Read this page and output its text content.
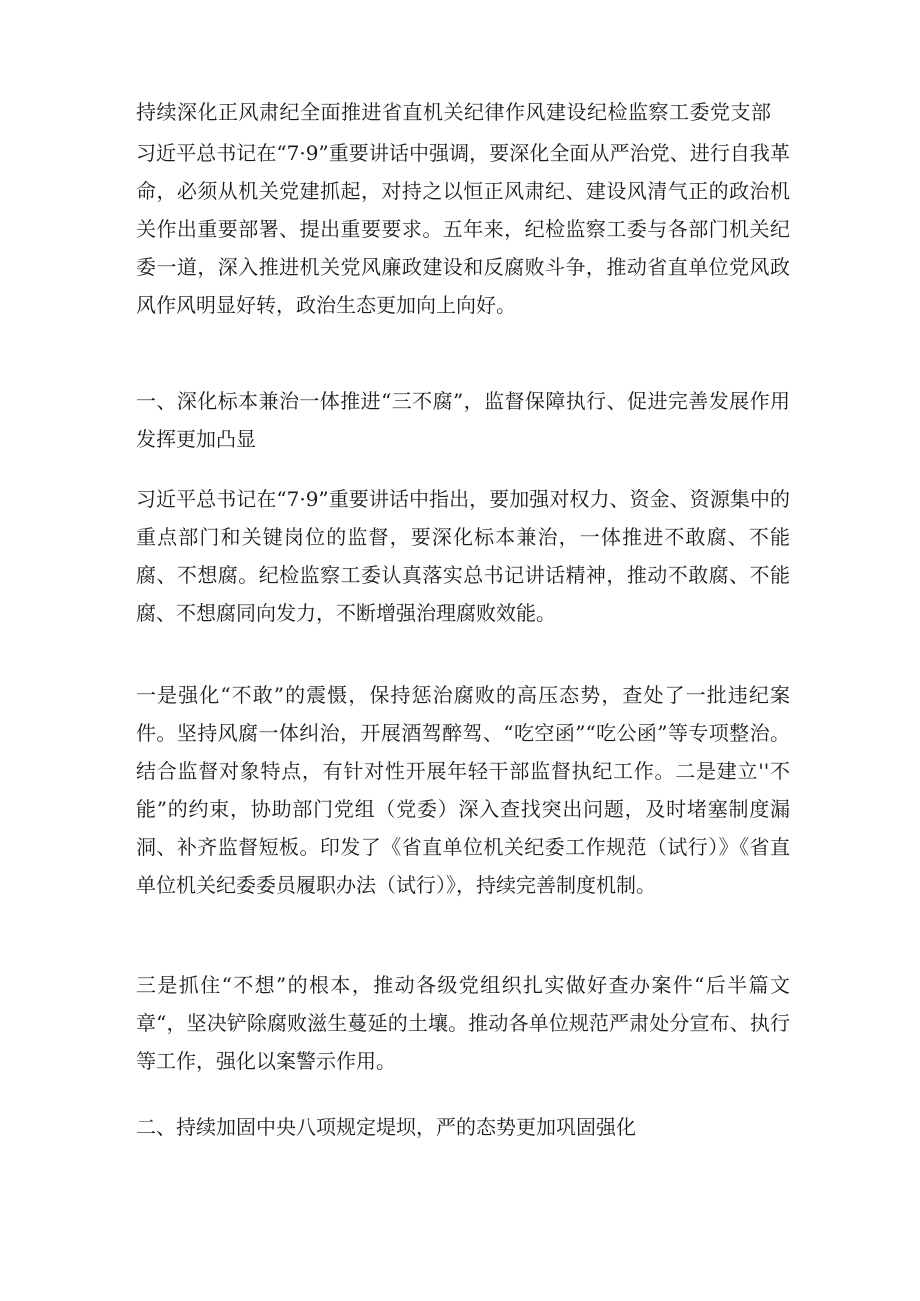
持续深化正风肃纪全面推进省直机关纪律作风建设纪检监察工委党支部

习近平总书记在“7·9”重要讲话中强调，要深化全面从严治党、进行自我革命，必须从机关党建抓起，对持之以恒正风肃纪、建设风清气正的政治机关作出重要部署、提出重要要求。五年来，纪检监察工委与各部门机关纪委一道，深入推进机关党风廉政建设和反腐败斗争，推动省直单位党风政风作风明显好转，政治生态更加向上向好。

一、深化标本兼治一体推进“三不腐”，监督保障执行、促进完善发展作用发挥更加凸显

习近平总书记在“7·9”重要讲话中指出，要加强对权力、资金、资源集中的重点部门和关键岗位的监督，要深化标本兼治，一体推进不敢腐、不能腐、不想腐。纪检监察工委认真落实总书记讲话精神，推动不敢腐、不能腐、不想腐同向发力，不断增强治理腐败效能。

一是强化“不敢”的震慑，保持惩治腐败的高压态势，查处了一批违纪案件。坚持风腐一体纠治，开展酒驾醉驾、“吃空函”“吃公函”等专项整治。结合监督对象特点，有针对性开展年轻干部监督执纪工作。二是建立''不能”的约束，协助部门党组（党委）深入查找突出问题，及时堵塞制度漏洞、补齐监督短板。印发了《省直单位机关纪委工作规范（试行）》《省直单位机关纪委委员履职办法（试行）》，持续完善制度机制。

三是抓住“不想”的根本，推动各级党组织扎实做好查办案件“后半篇文章“，坚决铲除腐败滋生蔓延的土壤。推动各单位规范严肃处分宣布、执行等工作，强化以案警示作用。

二、持续加固中央八项规定堤坝，严的态势更加巩固强化
